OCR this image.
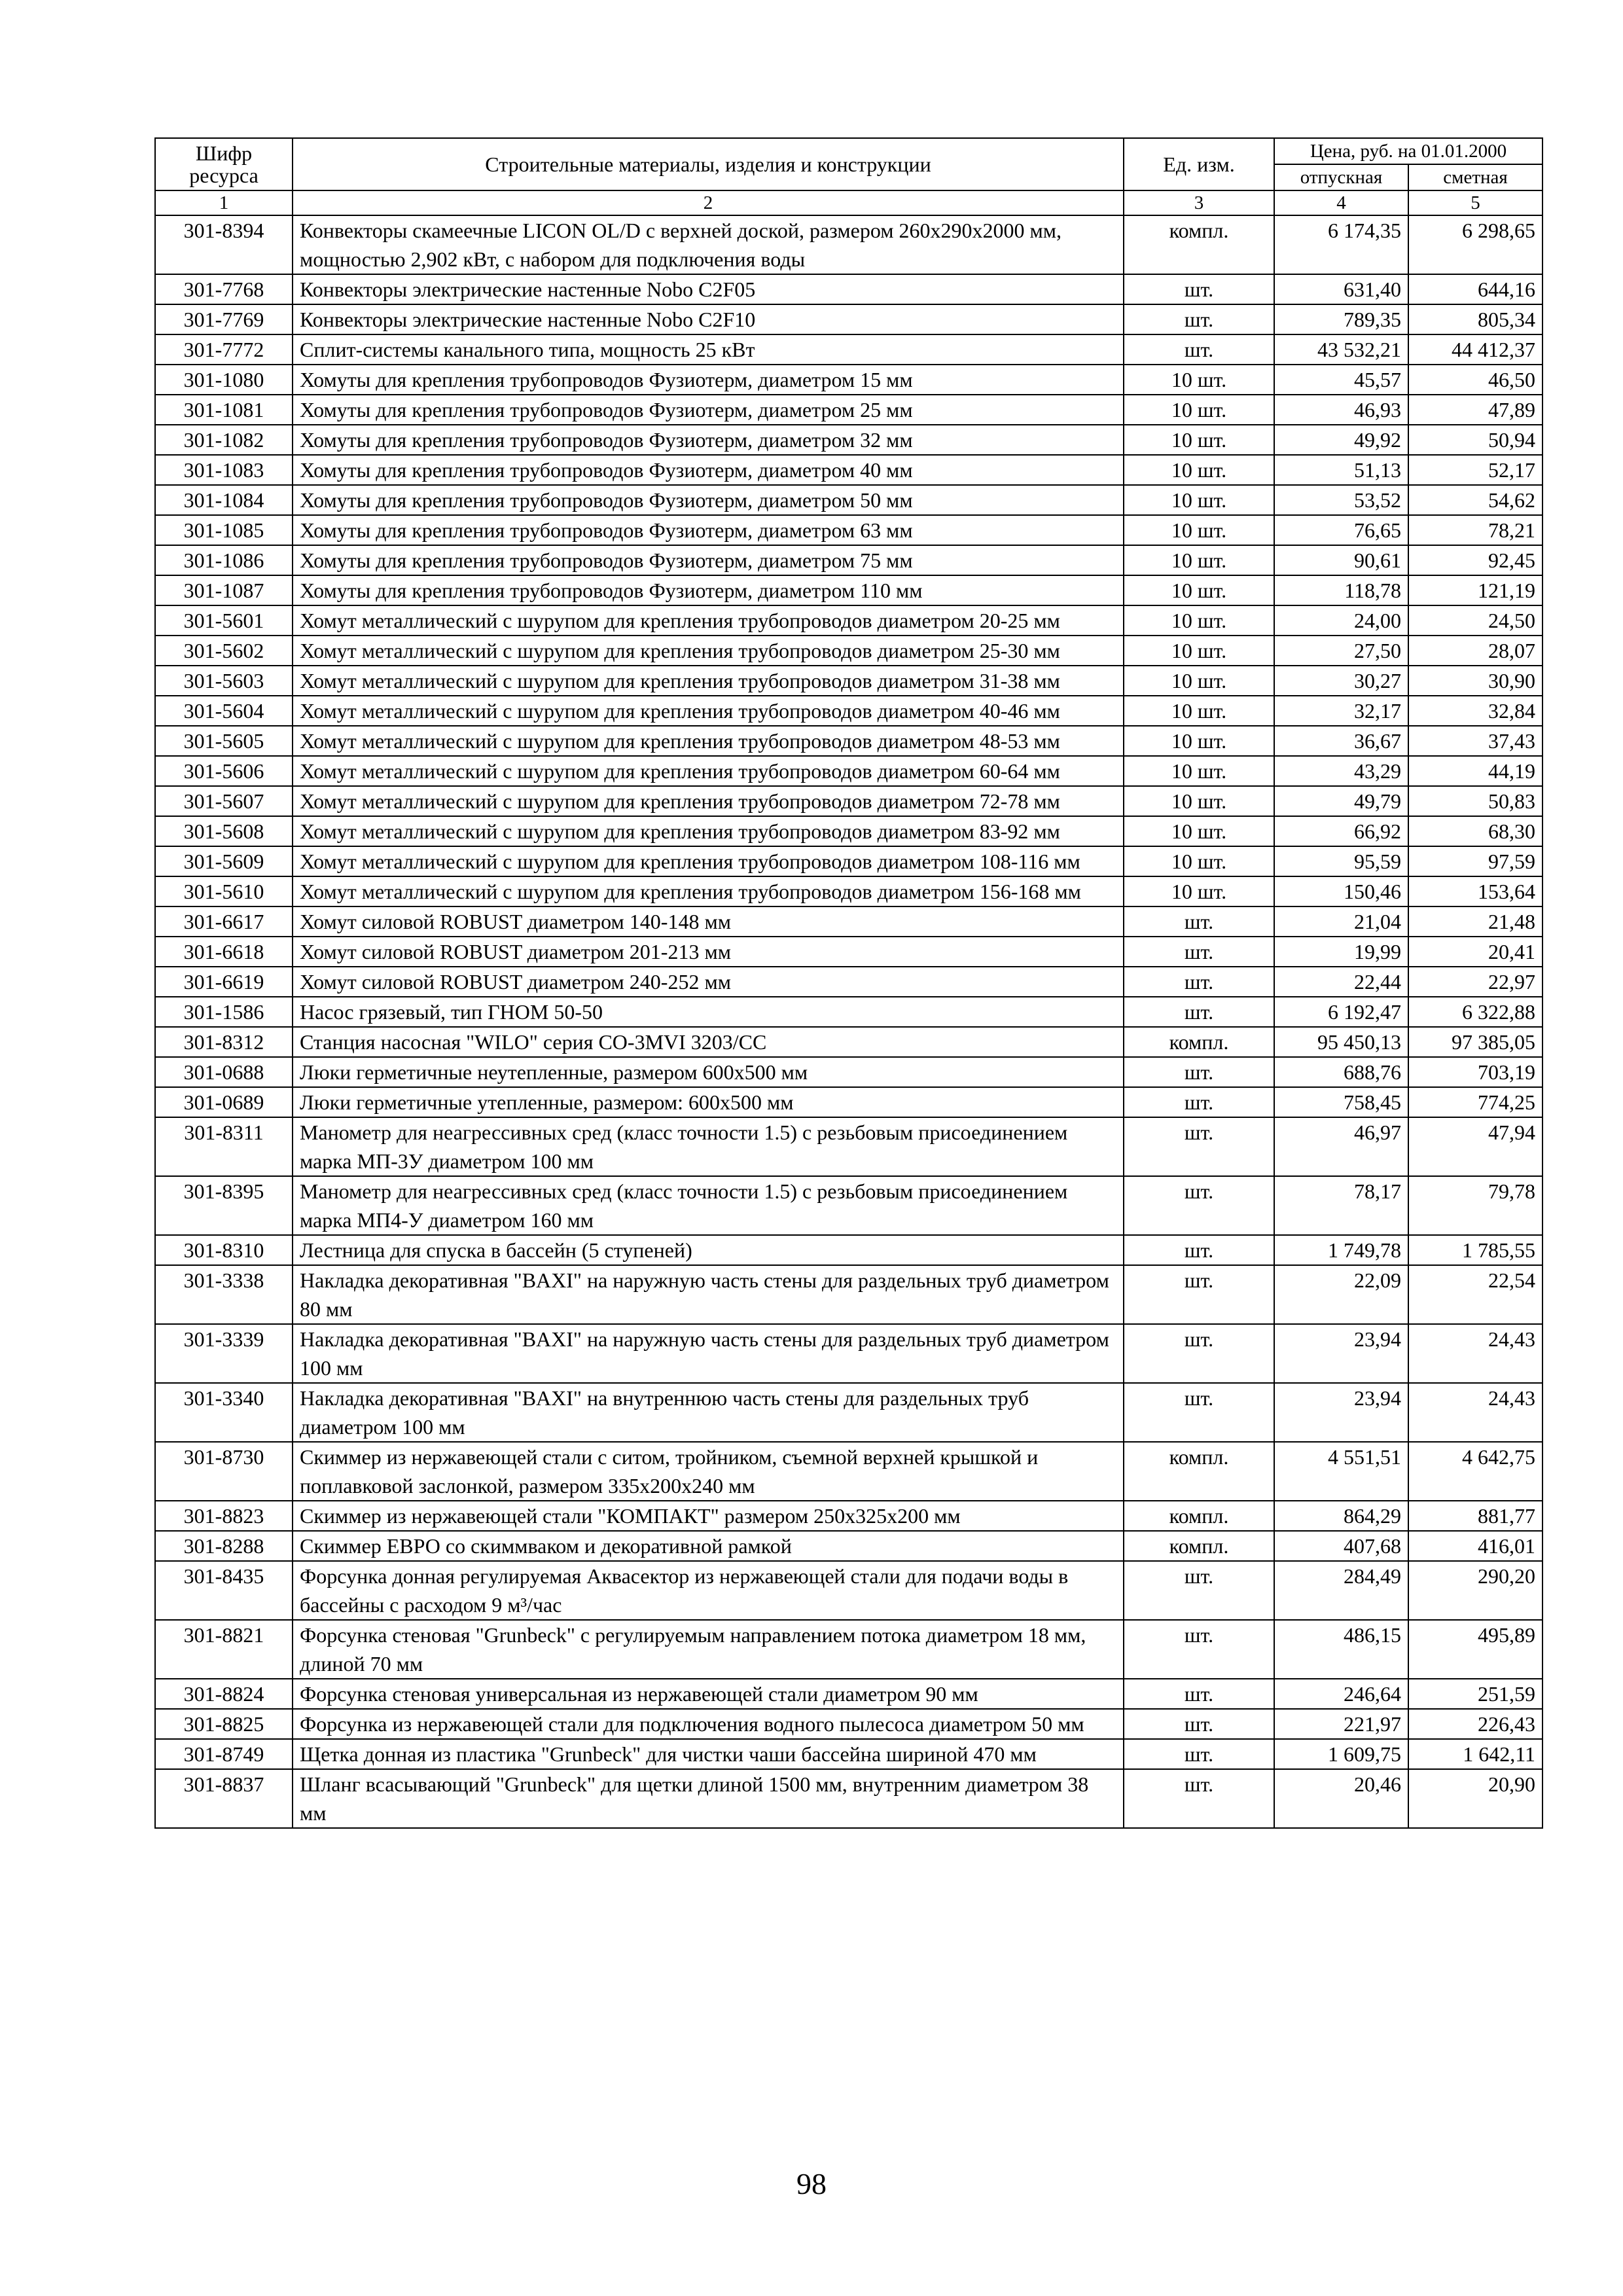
Шифр ресурса	Строительные материалы, изделия и конструкции	Ед. изм.	Цена, руб. на 01.01.2000	
			отпускная	сметная
1	2	3	4	5
301-8394	Конвекторы скамеечные LICON OL/D с верхней доской, размером 260х290х2000 мм, мощностью 2,902 кВт, с набором для подключения воды	компл.	6 174,35	6 298,65
301-7768	Конвекторы электрические настенные Nobo C2F05	шт.	631,40	644,16
301-7769	Конвекторы электрические настенные Nobo C2F10	шт.	789,35	805,34
301-7772	Сплит-системы канального типа, мощность 25 кВт	шт.	43 532,21	44 412,37
301-1080	Хомуты для крепления трубопроводов Фузиотерм, диаметром 15 мм	10 шт.	45,57	46,50
301-1081	Хомуты для крепления трубопроводов Фузиотерм, диаметром 25 мм	10 шт.	46,93	47,89
301-1082	Хомуты для крепления трубопроводов Фузиотерм, диаметром 32 мм	10 шт.	49,92	50,94
301-1083	Хомуты для крепления трубопроводов Фузиотерм, диаметром 40 мм	10 шт.	51,13	52,17
301-1084	Хомуты для крепления трубопроводов Фузиотерм, диаметром 50 мм	10 шт.	53,52	54,62
301-1085	Хомуты для крепления трубопроводов Фузиотерм, диаметром 63 мм	10 шт.	76,65	78,21
301-1086	Хомуты для крепления трубопроводов Фузиотерм, диаметром 75 мм	10 шт.	90,61	92,45
301-1087	Хомуты для крепления трубопроводов Фузиотерм, диаметром 110 мм	10 шт.	118,78	121,19
301-5601	Хомут металлический с шурупом для крепления трубопроводов диаметром 20-25 мм	10 шт.	24,00	24,50
301-5602	Хомут металлический с шурупом для крепления трубопроводов диаметром 25-30 мм	10 шт.	27,50	28,07
301-5603	Хомут металлический с шурупом для крепления трубопроводов диаметром 31-38 мм	10 шт.	30,27	30,90
301-5604	Хомут металлический с шурупом для крепления трубопроводов диаметром 40-46 мм	10 шт.	32,17	32,84
301-5605	Хомут металлический с шурупом для крепления трубопроводов диаметром 48-53 мм	10 шт.	36,67	37,43
301-5606	Хомут металлический с шурупом для крепления трубопроводов диаметром 60-64 мм	10 шт.	43,29	44,19
301-5607	Хомут металлический с шурупом для крепления трубопроводов диаметром 72-78 мм	10 шт.	49,79	50,83
301-5608	Хомут металлический с шурупом для крепления трубопроводов диаметром 83-92 мм	10 шт.	66,92	68,30
301-5609	Хомут металлический с шурупом для крепления трубопроводов диаметром 108-116 мм	10 шт.	95,59	97,59
301-5610	Хомут металлический с шурупом для крепления трубопроводов диаметром 156-168 мм	10 шт.	150,46	153,64
301-6617	Хомут силовой ROBUST диаметром 140-148 мм	шт.	21,04	21,48
301-6618	Хомут силовой ROBUST диаметром 201-213 мм	шт.	19,99	20,41
301-6619	Хомут силовой ROBUST диаметром 240-252 мм	шт.	22,44	22,97
301-1586	Насос грязевый, тип ГНОМ 50-50	шт.	6 192,47	6 322,88
301-8312	Станция насосная "WILO" серия CO-3MVI 3203/CC	компл.	95 450,13	97 385,05
301-0688	Люки герметичные неутепленные, размером 600х500 мм	шт.	688,76	703,19
301-0689	Люки герметичные утепленные, размером: 600х500 мм	шт.	758,45	774,25
301-8311	Манометр для неагрессивных сред (класс точности 1.5) с резьбовым присоединением марка МП-3У диаметром 100 мм	шт.	46,97	47,94
301-8395	Манометр для неагрессивных сред (класс точности 1.5) с резьбовым присоединением марка МП4-У диаметром 160 мм	шт.	78,17	79,78
301-8310	Лестница для спуска в бассейн (5 ступеней)	шт.	1 749,78	1 785,55
301-3338	Накладка декоративная "BAXI" на наружную часть стены для раздельных труб диаметром 80 мм	шт.	22,09	22,54
301-3339	Накладка декоративная "BAXI" на наружную часть стены для раздельных труб диаметром 100 мм	шт.	23,94	24,43
301-3340	Накладка декоративная "BAXI" на внутреннюю часть стены для раздельных труб диаметром 100 мм	шт.	23,94	24,43
301-8730	Скиммер из нержавеющей стали с ситом, тройником, съемной верхней крышкой и поплавковой заслонкой, размером 335х200х240 мм	компл.	4 551,51	4 642,75
301-8823	Скиммер из нержавеющей стали "КОМПАКТ" размером 250х325х200 мм	компл.	864,29	881,77
301-8288	Скиммер ЕВРО со скиммваком и декоративной рамкой	компл.	407,68	416,01
301-8435	Форсунка донная регулируемая Аквасектор из нержавеющей стали для подачи воды в бассейны с расходом 9 м³/час	шт.	284,49	290,20
301-8821	Форсунка стеновая "Grunbeck" с регулируемым направлением потока диаметром 18 мм, длиной 70 мм	шт.	486,15	495,89
301-8824	Форсунка стеновая универсальная из нержавеющей стали диаметром 90 мм	шт.	246,64	251,59
301-8825	Форсунка из нержавеющей стали для подключения водного пылесоса диаметром 50 мм	шт.	221,97	226,43
301-8749	Щетка донная из пластика "Grunbeck" для чистки чаши бассейна шириной 470 мм	шт.	1 609,75	1 642,11
301-8837	Шланг всасывающий "Grunbeck" для щетки длиной 1500 мм, внутренним диаметром 38 мм	шт.	20,46	20,90
98
